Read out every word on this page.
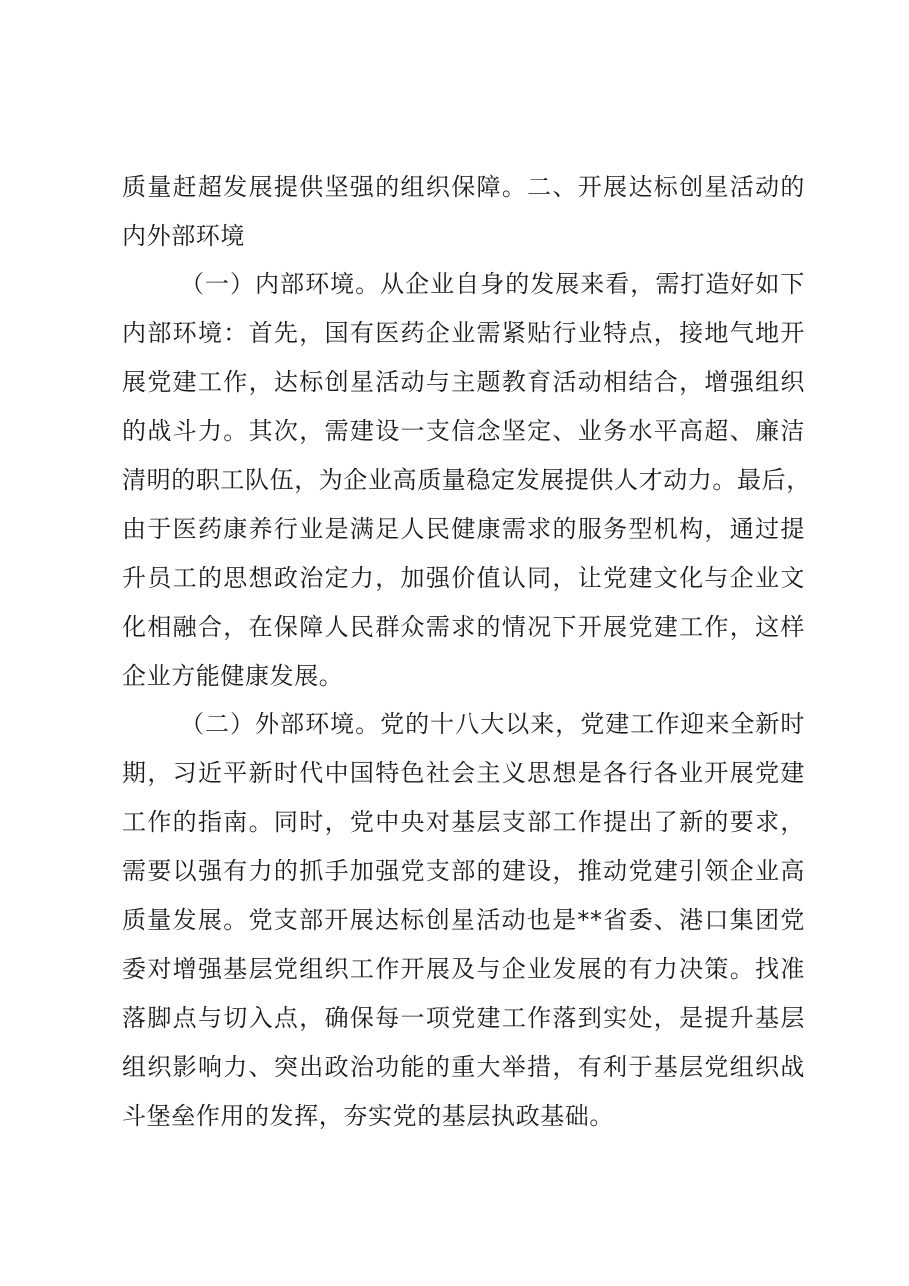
质量赶超发展提供坚强的组织保障。二、开展达标创星活动的
内外部环境
（一）内部环境。从企业自身的发展来看，需打造好如下
内部环境：首先，国有医药企业需紧贴行业特点，接地气地开
展党建工作，达标创星活动与主题教育活动相结合，增强组织
的战斗力。其次，需建设一支信念坚定、业务水平高超、廉洁
清明的职工队伍，为企业高质量稳定发展提供人才动力。最后，
由于医药康养行业是满足人民健康需求的服务型机构，通过提
升员工的思想政治定力，加强价值认同，让党建文化与企业文
化相融合，在保障人民群众需求的情况下开展党建工作，这样
企业方能健康发展。
（二）外部环境。党的十八大以来，党建工作迎来全新时
期，习近平新时代中国特色社会主义思想是各行各业开展党建
工作的指南。同时，党中央对基层支部工作提出了新的要求，
需要以强有力的抓手加强党支部的建设，推动党建引领企业高
质量发展。党支部开展达标创星活动也是**省委、港口集团党
委对增强基层党组织工作开展及与企业发展的有力决策。找准
落脚点与切入点，确保每一项党建工作落到实处，是提升基层
组织影响力、突出政治功能的重大举措，有利于基层党组织战
斗堡垒作用的发挥，夯实党的基层执政基础。
